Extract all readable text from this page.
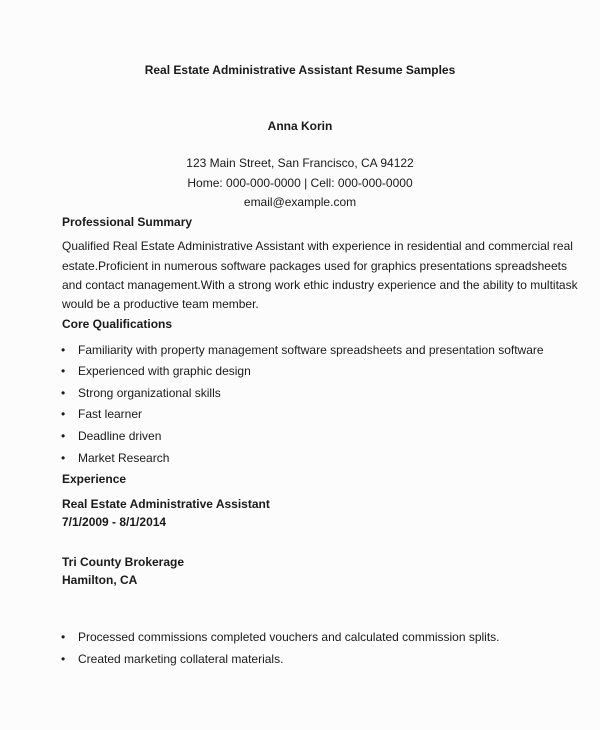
Real Estate Administrative Assistant Resume Samples
Anna Korin
123 Main Street, San Francisco, CA 94122
Home: 000-000-0000 | Cell: 000-000-0000
email@example.com
Professional Summary
Qualified Real Estate Administrative Assistant with experience in residential and commercial real
estate.Proficient in numerous software packages used for graphics presentations spreadsheets
and contact management.With a strong work ethic industry experience and the ability to multitask
would be a productive team member.
Core Qualifications
• Familiarity with property management software spreadsheets and presentation software
• Experienced with graphic design
• Strong organizational skills
• Fast learner
• Deadline driven
• Market Research
Experience
Real Estate Administrative Assistant
7/1/2009 - 8/1/2014
Tri County Brokerage
Hamilton, CA
• Processed commissions completed vouchers and calculated commission splits.
• Created marketing collateral materials.
